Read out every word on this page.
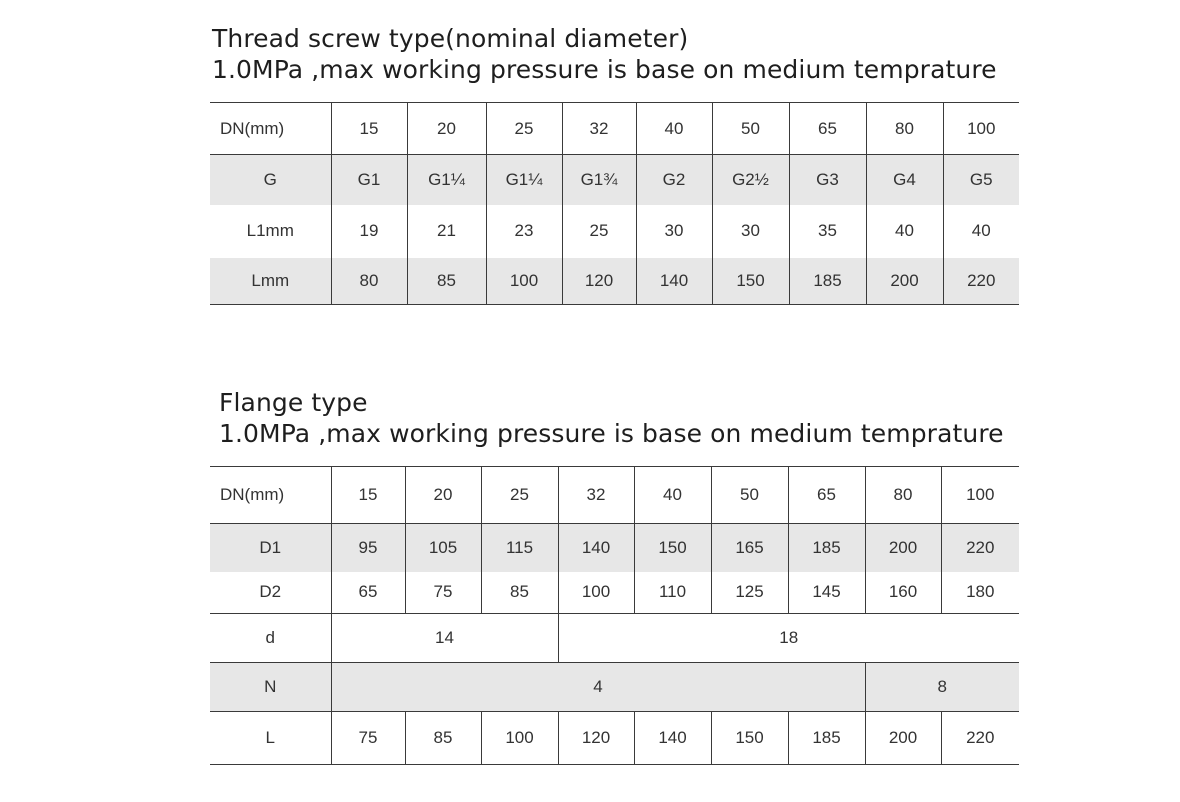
Thread screw type(nominal diameter)
1.0MPa ,max working pressure is base on medium temprature
DN(mm)	15	20	25	32	40	50	65	80	100
G	G1	G1¼	G1¼	G1¾	G2	G2½	G3	G4	G5
L1mm	19	21	23	25	30	30	35	40	40
Lmm	80	85	100	120	140	150	185	200	220
Flange type
1.0MPa ,max working pressure is base on medium temprature
DN(mm)	15	20	25	32	40	50	65	80	100
D1	95	105	115	140	150	165	185	200	220
D2	65	75	85	100	110	125	145	160	180
d	14			18					
N	4							8	
L	75	85	100	120	140	150	185	200	220
